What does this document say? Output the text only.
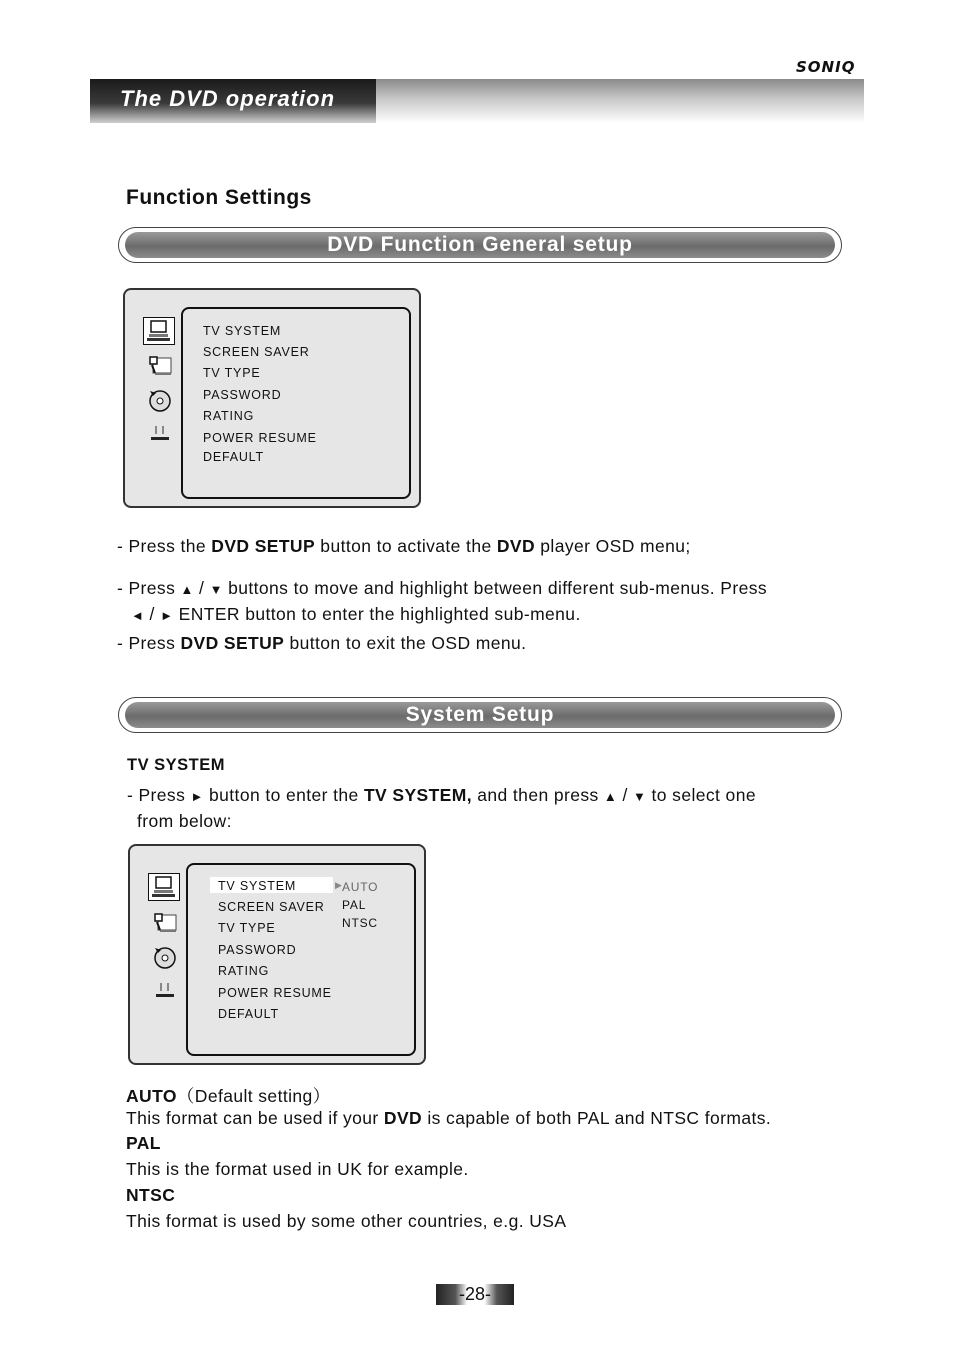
SONIQ
The DVD operation
Function Settings
DVD Function General setup
TV SYSTEM
SCREEN SAVER
TV TYPE
PASSWORD
RATING
POWER RESUME
DEFAULT
- Press the DVD SETUP button to activate the DVD player OSD menu;
- Press ▲ / ▼ buttons to move and highlight between different sub-menus. Press
◄ / ► ENTER button to enter the highlighted sub-menu.
- Press DVD SETUP button to exit the OSD menu.
System Setup
TV SYSTEM
- Press ► button to enter the TV SYSTEM, and then press ▲ / ▼ to select one
from below:
TV SYSTEM
SCREEN SAVER
TV TYPE
PASSWORD
RATING
POWER RESUME
DEFAULT
▶ AUTO
PAL
NTSC
AUTO（Default setting）
This format can be used if your DVD is capable of both PAL and NTSC formats.
PAL
This is the format used in UK for example.
NTSC
This format is used by some other countries, e.g. USA
-28-
